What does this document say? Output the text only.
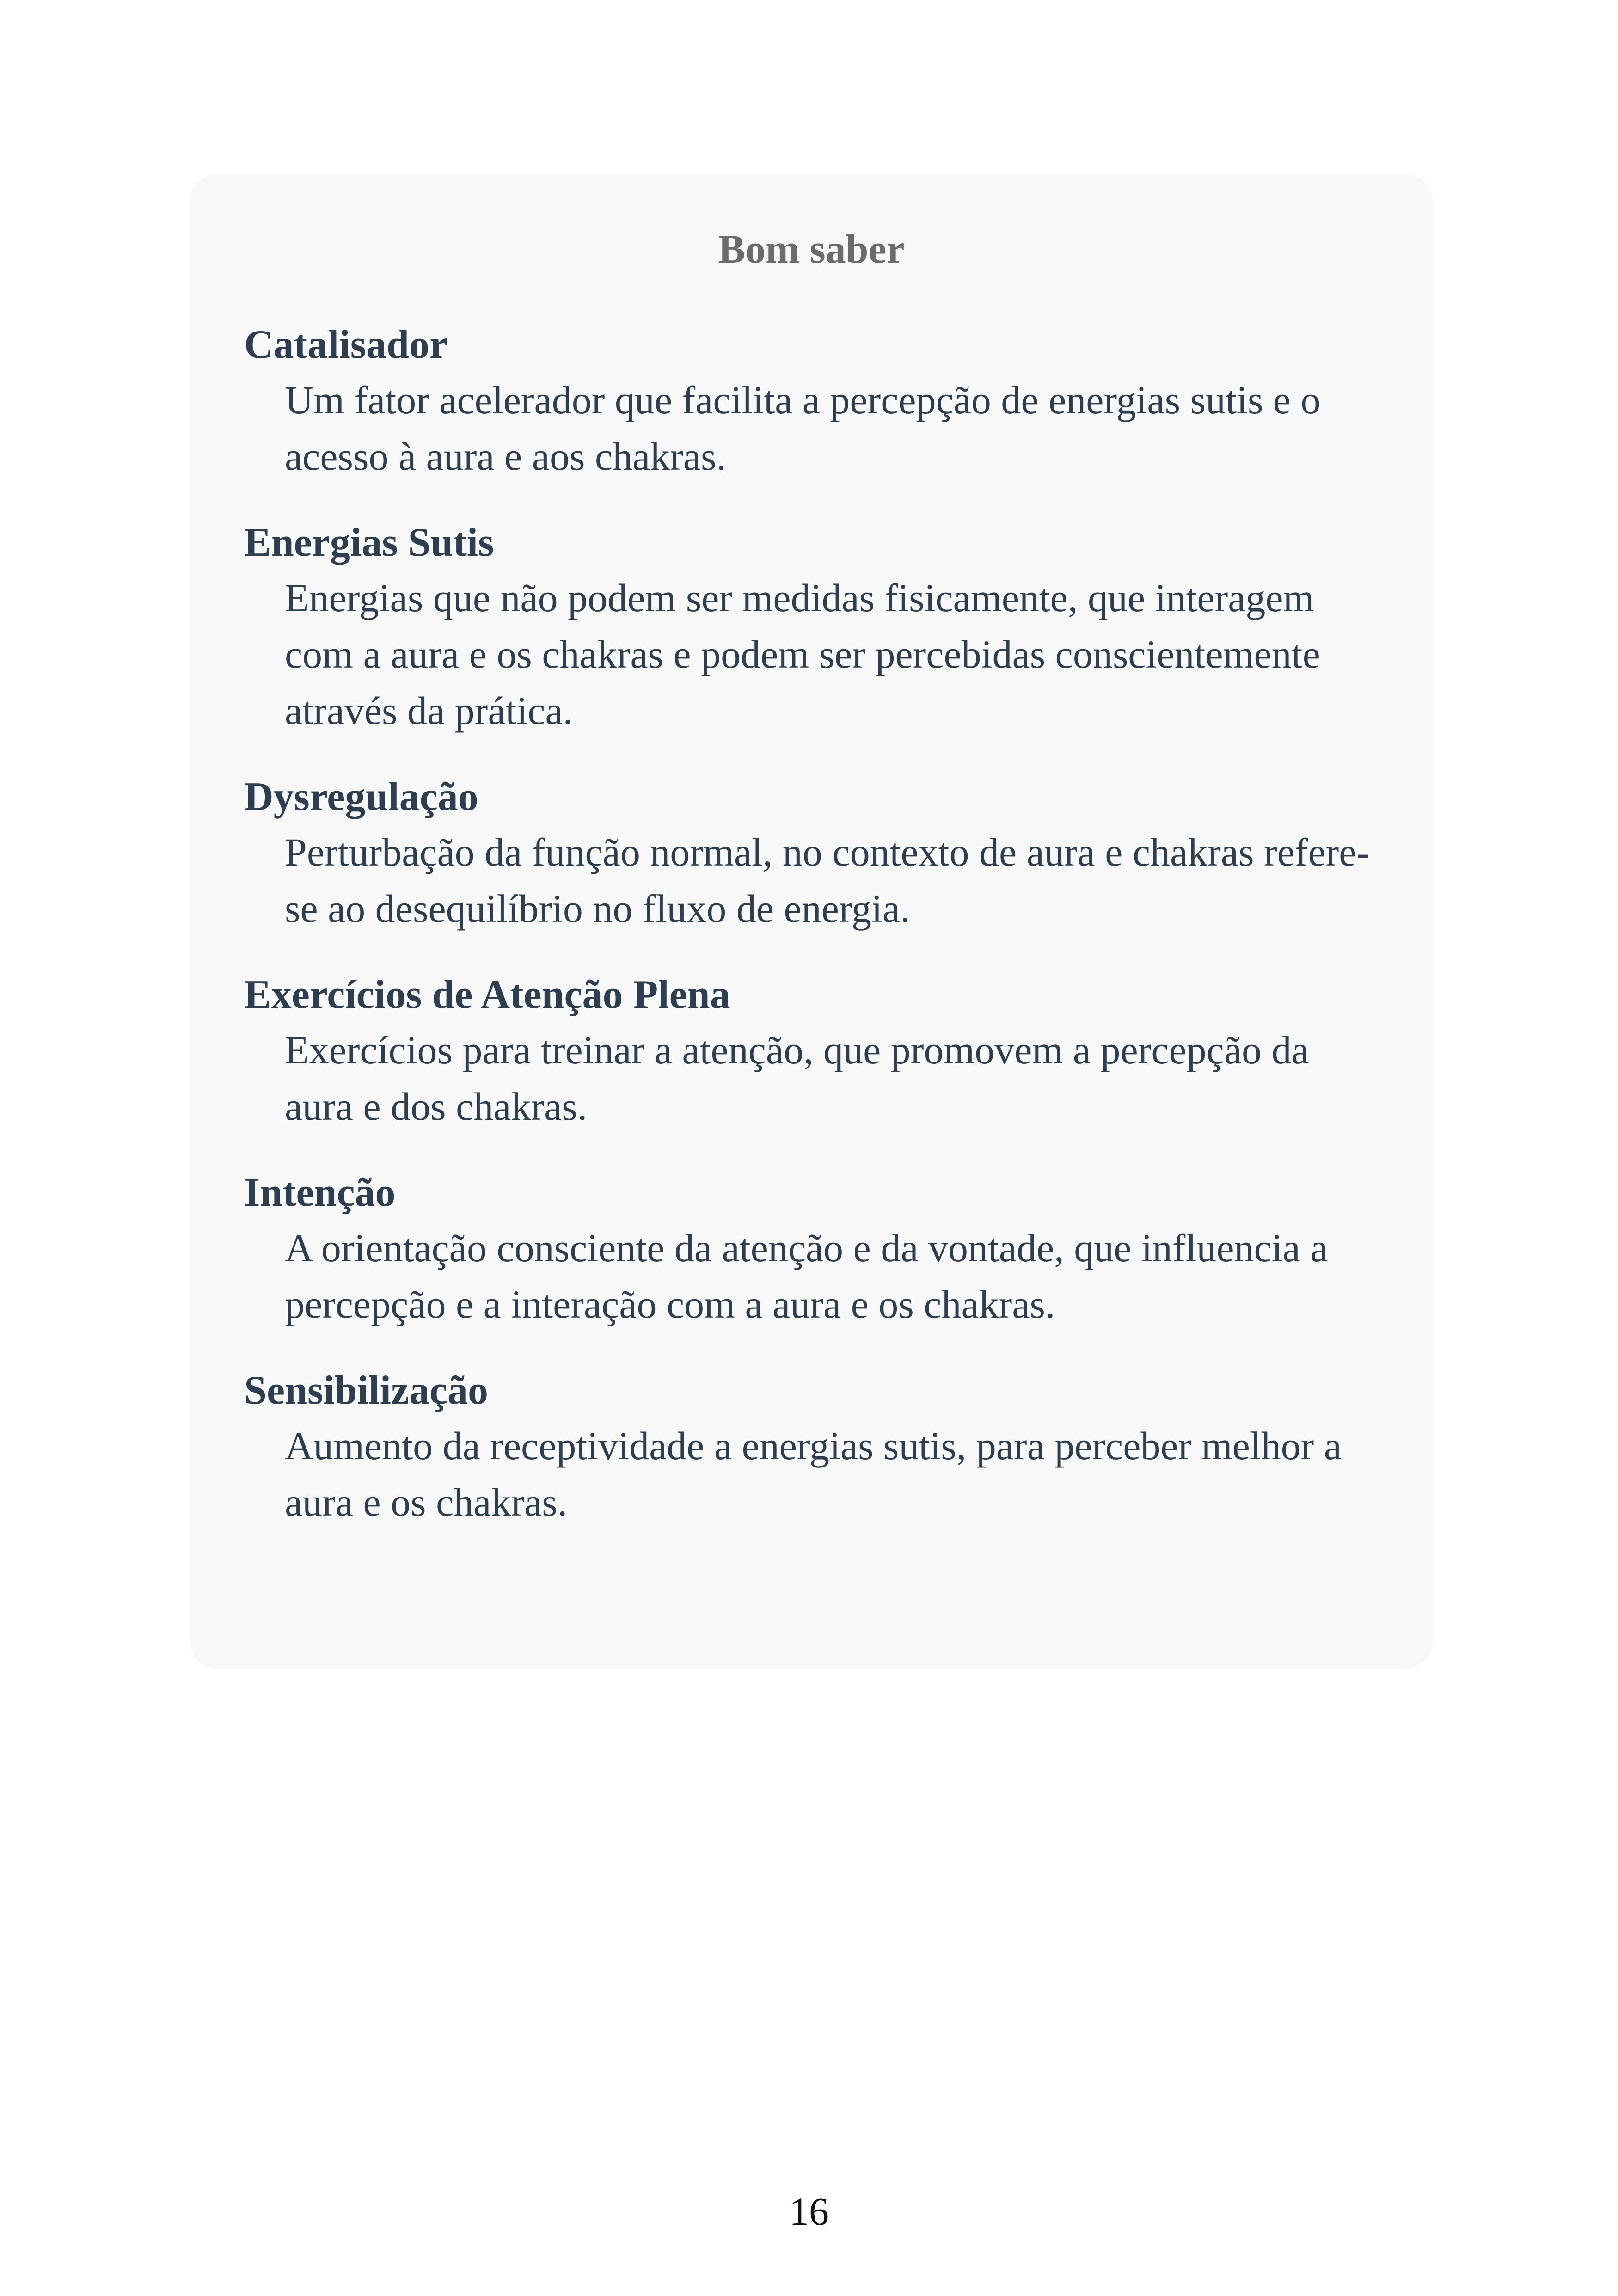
Bom saber
Catalisador

Um fator acelerador que facilita a percepção de energias sutis e o acesso à aura e aos chakras.

Energias Sutis

Energias que não podem ser medidas fisicamente, que interagem com a aura e os chakras e podem ser percebidas conscientemente através da prática.

Dysregulação

Perturbação da função normal, no contexto de aura e chakras refere-se ao desequilíbrio no fluxo de energia.

Exercícios de Atenção Plena

Exercícios para treinar a atenção, que promovem a percepção da aura e dos chakras.

Intenção

A orientação consciente da atenção e da vontade, que influencia a percepção e a interação com a aura e os chakras.

Sensibilização

Aumento da receptividade a energias sutis, para perceber melhor a aura e os chakras.

16
